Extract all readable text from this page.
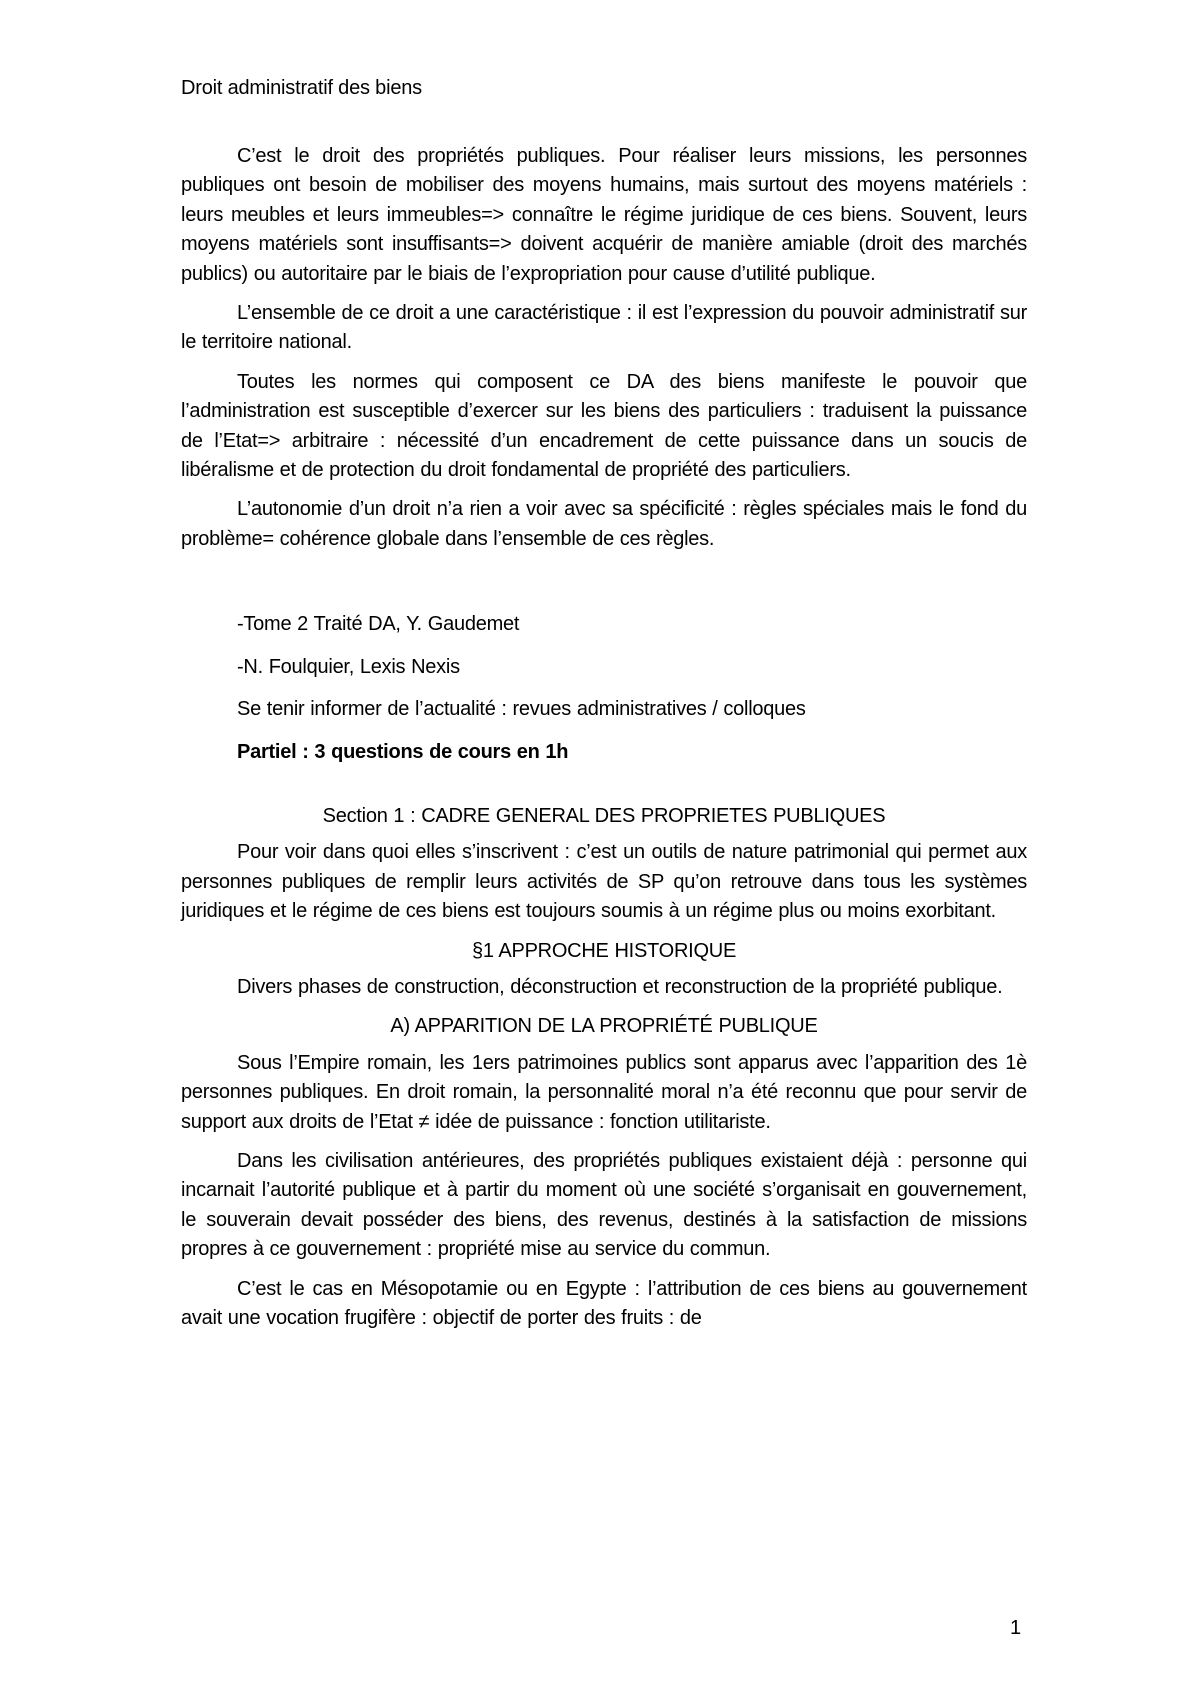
Droit administratif des biens

C’est le droit des propriétés publiques. Pour réaliser leurs missions, les personnes publiques ont besoin de mobiliser des moyens humains, mais surtout des moyens matériels : leurs meubles et leurs immeubles=> connaître le régime juridique de ces biens. Souvent, leurs moyens matériels sont insuffisants=> doivent acquérir de manière amiable (droit des marchés publics) ou autoritaire par le biais de l’expropriation pour cause d’utilité publique.

L’ensemble de ce droit a une caractéristique : il est l’expression du pouvoir administratif sur le territoire national.

Toutes les normes qui composent ce DA des biens manifeste le pouvoir que l’administration est susceptible d’exercer sur les biens des particuliers : traduisent la puissance de l’Etat=> arbitraire : nécessité d’un encadrement de cette puissance dans un soucis de libéralisme et de protection du droit fondamental de propriété des particuliers.

L’autonomie d’un droit n’a rien a voir avec sa spécificité : règles spéciales mais le fond du problème= cohérence globale dans l’ensemble de ces règles.

-Tome 2 Traité DA, Y. Gaudemet
-N. Foulquier, Lexis Nexis
Se tenir informer de l’actualité : revues administratives / colloques
Partiel : 3 questions de cours en 1h
Section 1 : CADRE GENERAL DES PROPRIETES PUBLIQUES

Pour voir dans quoi elles s’inscrivent : c’est un outils de nature patrimonial qui permet aux personnes publiques de remplir leurs activités de SP qu’on retrouve dans tous les systèmes juridiques et le régime de ces biens est toujours soumis à un régime plus ou moins exorbitant.

§1 APPROCHE HISTORIQUE

Divers phases de construction, déconstruction et reconstruction de la propriété publique.

A) APPARITION DE LA PROPRIÉTÉ PUBLIQUE

Sous l’Empire romain, les 1ers patrimoines publics sont apparus avec l’apparition des 1è personnes publiques. En droit romain, la personnalité moral n’a été reconnu que pour servir de support aux droits de l’Etat ≠ idée de puissance : fonction utilitariste.

Dans les civilisation antérieures, des propriétés publiques existaient déjà : personne qui incarnait l’autorité publique et à partir du moment où une société s’organisait en gouvernement, le souverain devait posséder des biens, des revenus, destinés à la satisfaction de missions propres à ce gouvernement : propriété mise au service du commun.

C’est le cas en Mésopotamie ou en Egypte : l’attribution de ces biens au gouvernement avait une vocation frugifère : objectif de porter des fruits : de

1
